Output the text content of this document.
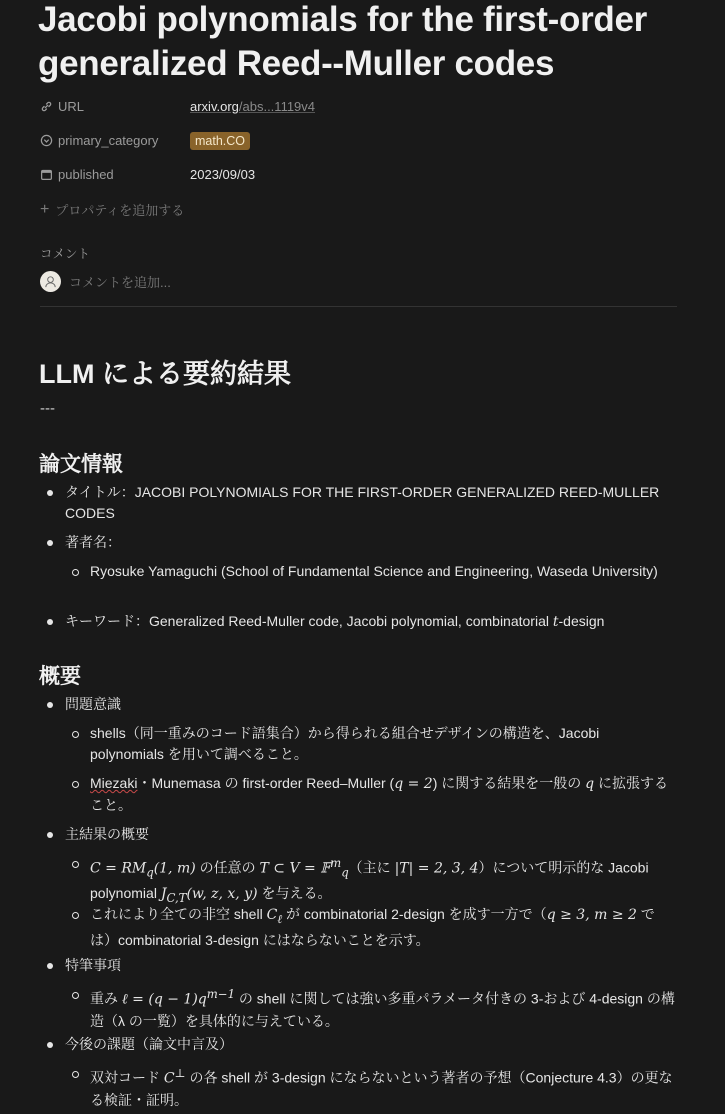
Jacobi polynomials for the first-order generalized Reed--Muller codes
URL	arxiv.org/abs...1119v4
primary_category	math.CO
published	2023/09/03
+ プロパティを追加する
コメント
コメントを追加...
LLM による要約結果
---
論文情報
タイトル：JACOBI POLYNOMIALS FOR THE FIRST-ORDER GENERALIZED REED-MULLER CODES
著者名：
Ryosuke Yamaguchi (School of Fundamental Science and Engineering, Waseda University)
キーワード：Generalized Reed-Muller code, Jacobi polynomial, combinatorial t-design
概要
問題意識
shells（同一重みのコード語集合）から得られる組合せデザインの構造を、Jacobi polynomials を用いて調べること。
Miezaki・Munemasa の first-order Reed–Muller (q = 2) に関する結果を一般の q に拡張すること。
主結果の概要
$C = RM_q(1$, m) の任意の T ⊂ V = 𝔽$^m_q$（主に |T| = 2, 3, 4）について明示的な Jacobi polynomial $J_{C,T}(w$, z, x, y) を与える。
これにより全ての非空 shell $C_\ell$ が combinatorial 2-design を成す一方で（q ≥ 3, m ≥ 2 では）combinatorial 3-design にはならないことを示す。
特筆事項
重み ℓ = $(q - 1)q^{m-1}$ の shell に関しては強い多重パラメータ付きの 3-および 4-design の構造（λ の一覧）を具体的に与えている。
今後の課題（論文中言及）
双対コード C⊥ の各 shell が 3-design にならないという著者の予想（Conjecture 4.3）の更なる検証・証明。
